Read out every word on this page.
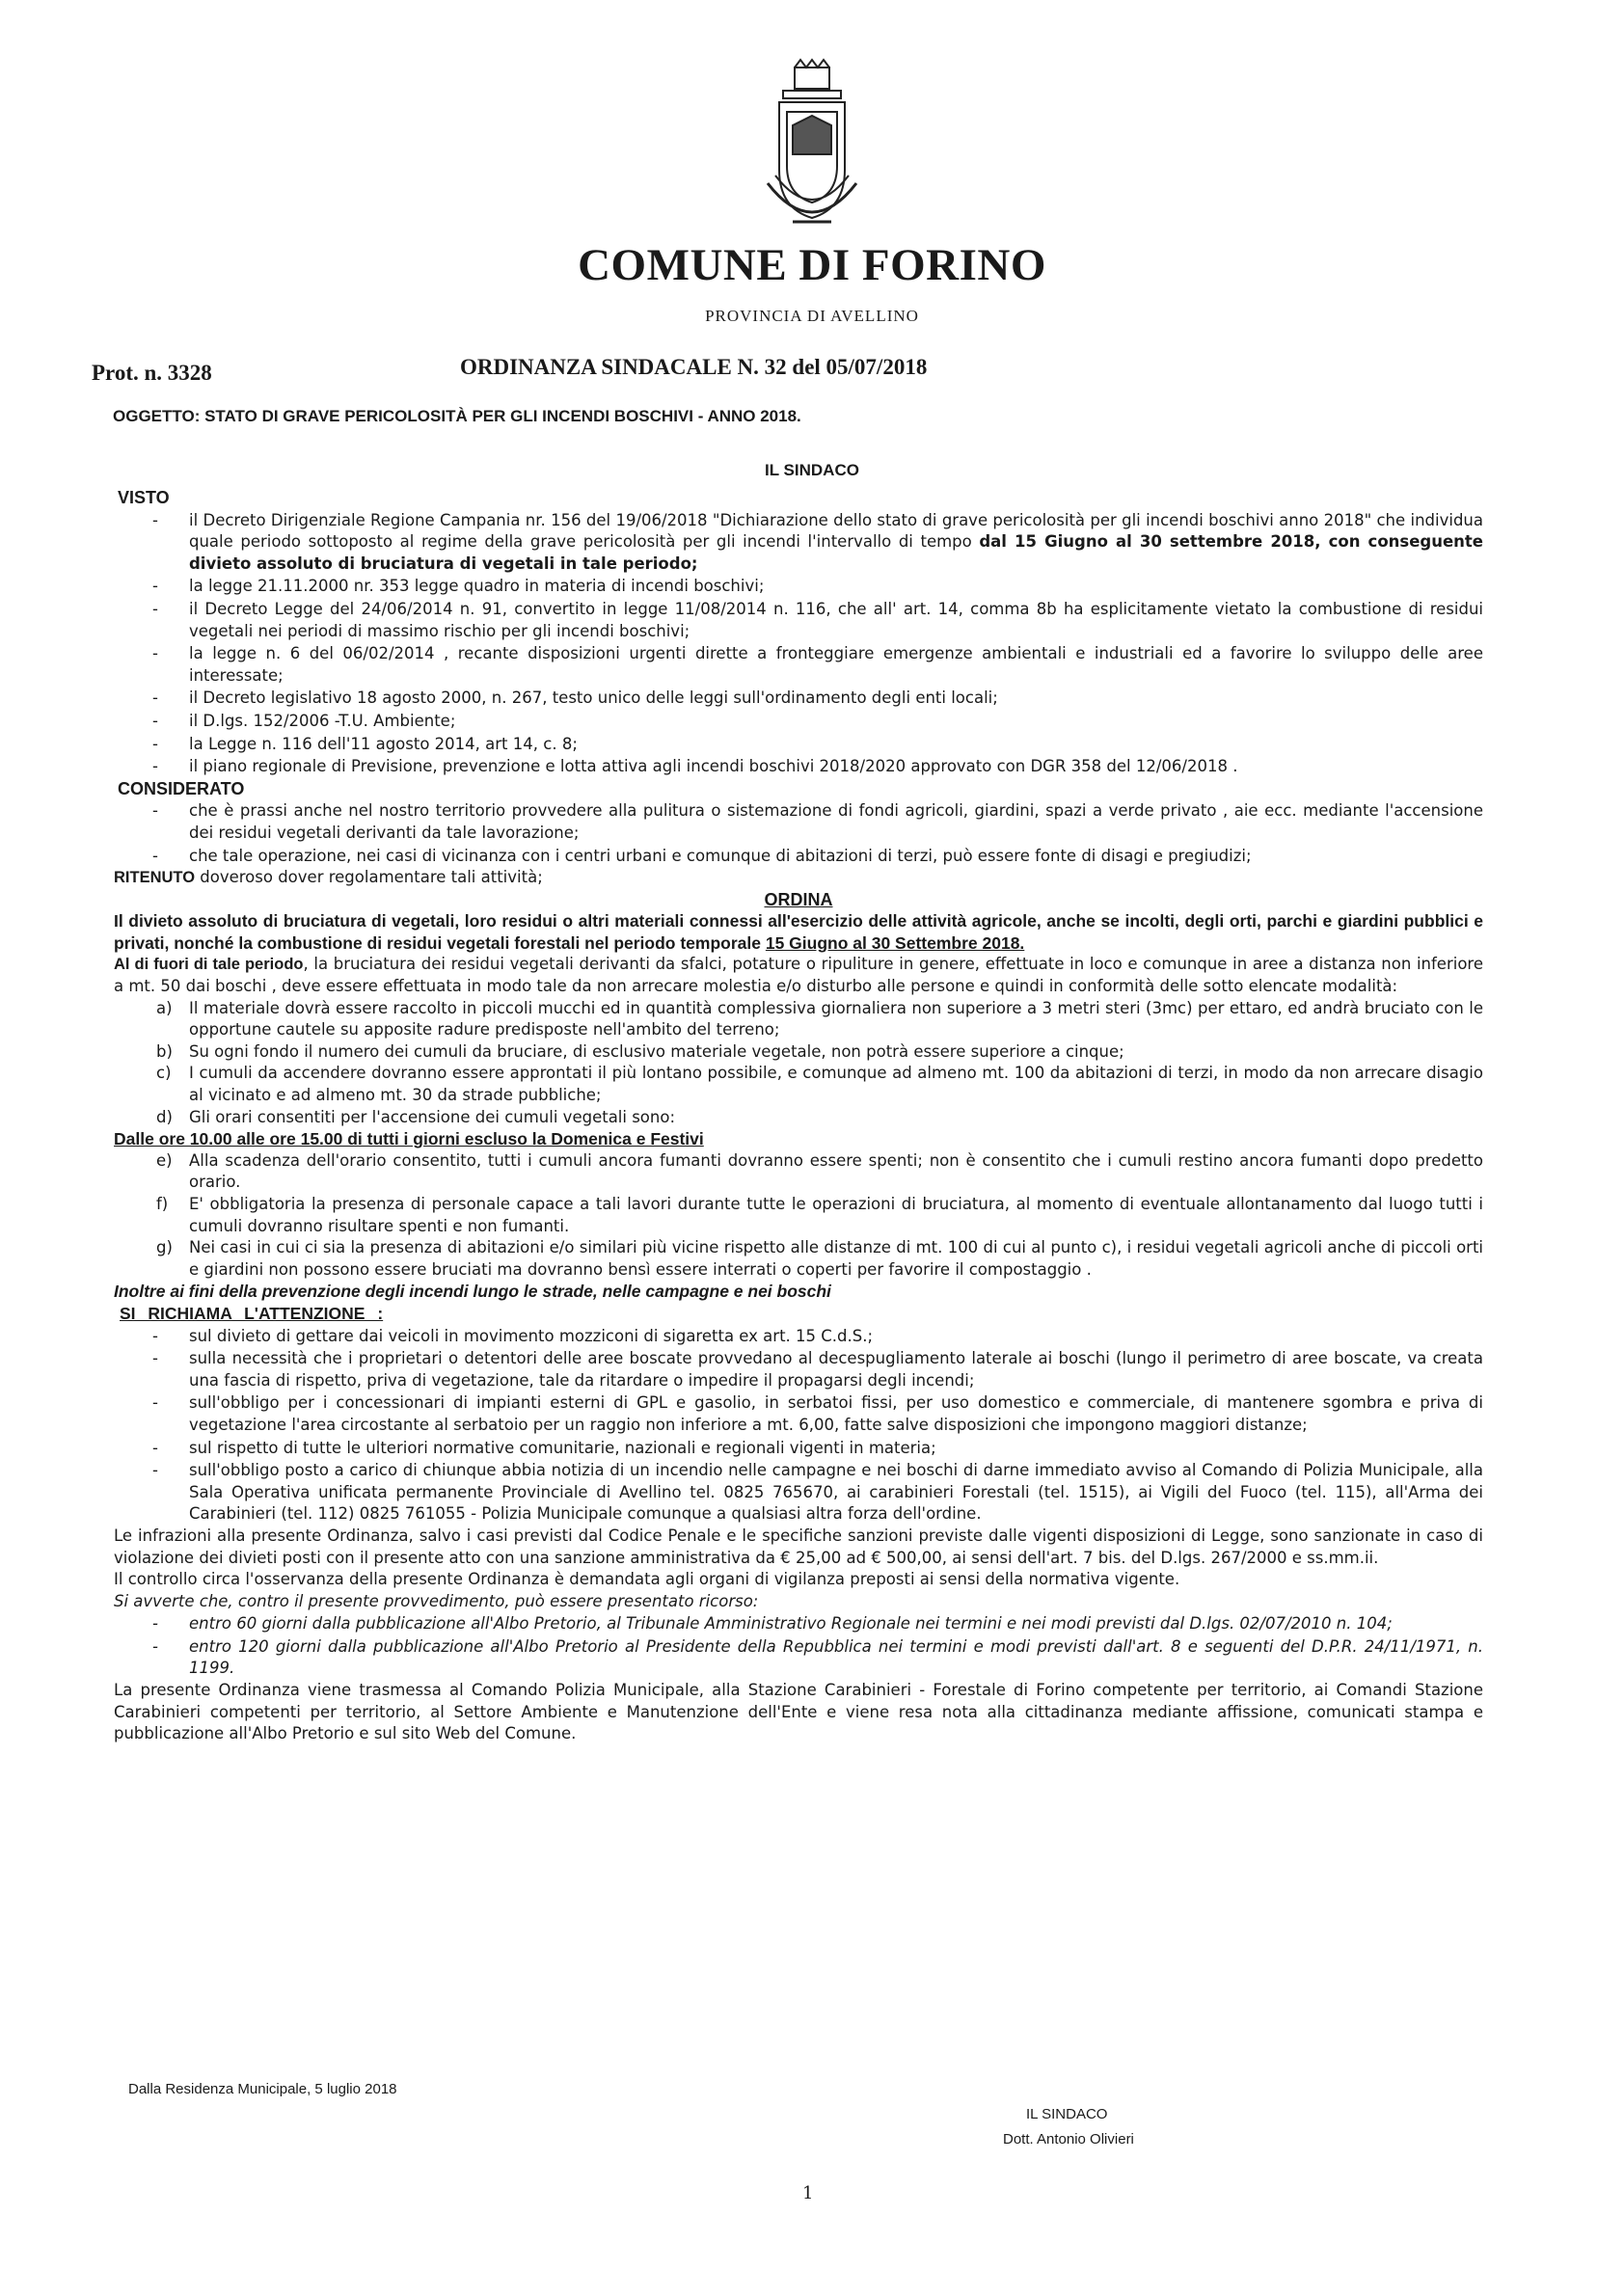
COMUNE DI FORINO
PROVINCIA DI AVELLINO
Prot. n. 3328	ORDINANZA SINDACALE N. 32 del 05/07/2018
OGGETTO: STATO DI GRAVE PERICOLOSITÀ PER GLI INCENDI BOSCHIVI - ANNO 2018.
IL SINDACO
VISTO
- il Decreto Dirigenziale Regione Campania nr. 156 del 19/06/2018 "Dichiarazione dello stato di grave pericolosità per gli incendi boschivi anno 2018" che individua quale periodo sottoposto al regime della grave pericolosità per gli incendi l'intervallo di tempo dal 15 Giugno al 30 settembre 2018, con conseguente divieto assoluto di bruciatura di vegetali in tale periodo;
- la legge 21.11.2000 nr. 353 legge quadro in materia di incendi boschivi;
- il Decreto Legge del 24/06/2014 n. 91, convertito in legge 11/08/2014 n. 116, che all' art. 14, comma 8b ha esplicitamente vietato la combustione di residui vegetali nei periodi di massimo rischio per gli incendi boschivi;
- la legge n. 6 del 06/02/2014 , recante disposizioni urgenti dirette a fronteggiare emergenze ambientali e industriali ed a favorire lo sviluppo delle aree interessate;
- il Decreto legislativo 18 agosto 2000, n. 267, testo unico delle leggi sull'ordinamento degli enti locali;
- il D.lgs. 152/2006 -T.U. Ambiente;
- la Legge n. 116 dell'11 agosto 2014, art 14, c. 8;
- il piano regionale di Previsione, prevenzione e lotta attiva agli incendi boschivi 2018/2020 approvato con DGR 358 del 12/06/2018 .
CONSIDERATO
- che è prassi anche nel nostro territorio provvedere alla pulitura o sistemazione di fondi agricoli, giardini, spazi a verde privato , aie ecc. mediante l'accensione dei residui vegetali derivanti da tale lavorazione;
- che tale operazione, nei casi di vicinanza con i centri urbani e comunque di abitazioni di terzi, può essere fonte di disagi e pregiudizi;
RITENUTO doveroso dover regolamentare tali attività;
ORDINA
Il divieto assoluto di bruciatura di vegetali, loro residui o altri materiali connessi all'esercizio delle attività agricole, anche se incolti, degli orti, parchi e giardini pubblici e privati, nonché la combustione di residui vegetali forestali nel periodo temporale 15 Giugno al 30 Settembre 2018.
Al di fuori di tale periodo, la bruciatura dei residui vegetali derivanti da sfalci, potature o ripuliture in genere, effettuate in loco e comunque in aree a distanza non inferiore a mt. 50 dai boschi , deve essere effettuata in modo tale da non arrecare molestia e/o disturbo alle persone e quindi in conformità delle sotto elencate modalità:
a) Il materiale dovrà essere raccolto in piccoli mucchi ed in quantità complessiva giornaliera non superiore a 3 metri steri (3mc) per ettaro, ed andrà bruciato con le opportune cautele su apposite radure predisposte nell'ambito del terreno;
b) Su ogni fondo il numero dei cumuli da bruciare, di esclusivo materiale vegetale, non potrà essere superiore a cinque;
c) I cumuli da accendere dovranno essere approntati il più lontano possibile, e comunque ad almeno mt. 100 da abitazioni di terzi, in modo da non arrecare disagio al vicinato e ad almeno mt. 30 da strade pubbliche;
d) Gli orari consentiti per l'accensione dei cumuli vegetali sono:
Dalle ore 10.00 alle ore 15.00 di tutti i giorni escluso la Domenica e Festivi
e) Alla scadenza dell'orario consentito, tutti i cumuli ancora fumanti dovranno essere spenti; non è consentito che i cumuli restino ancora fumanti dopo predetto orario.
f) E' obbligatoria la presenza di personale capace a tali lavori durante tutte le operazioni di bruciatura, al momento di eventuale allontanamento dal luogo tutti i cumuli dovranno risultare spenti e non fumanti.
g) Nei casi in cui ci sia la presenza di abitazioni e/o similari più vicine rispetto alle distanze di mt. 100 di cui al punto c), i residui vegetali agricoli anche di piccoli orti e giardini non possono essere bruciati ma dovranno bensì essere interrati o coperti per favorire il compostaggio .
Inoltre ai fini della prevenzione degli incendi lungo le strade, nelle campagne e nei boschi
SI RICHIAMA L'ATTENZIONE :
- sul divieto di gettare dai veicoli in movimento mozziconi di sigaretta ex art. 15 C.d.S.;
- sulla necessità che i proprietari o detentori delle aree boscate provvedano al decespugliamento laterale ai boschi (lungo il perimetro di aree boscate, va creata una fascia di rispetto, priva di vegetazione, tale da ritardare o impedire il propagarsi degli incendi;
- sull'obbligo per i concessionari di impianti esterni di GPL e gasolio, in serbatoi fissi, per uso domestico e commerciale, di mantenere sgombra e priva di vegetazione l'area circostante al serbatoio per un raggio non inferiore a mt. 6,00, fatte salve disposizioni che impongono maggiori distanze;
- sul rispetto di tutte le ulteriori normative comunitarie, nazionali e regionali vigenti in materia;
- sull'obbligo posto a carico di chiunque abbia notizia di un incendio nelle campagne e nei boschi di darne immediato avviso al Comando di Polizia Municipale, alla Sala Operativa unificata permanente Provinciale di Avellino tel. 0825 765670, ai carabinieri Forestali (tel. 1515), ai Vigili del Fuoco (tel. 115), all'Arma dei Carabinieri (tel. 112) 0825 761055 - Polizia Municipale comunque a qualsiasi altra forza dell'ordine.
Le infrazioni alla presente Ordinanza, salvo i casi previsti dal Codice Penale e le specifiche sanzioni previste dalle vigenti disposizioni di Legge, sono sanzionate in caso di violazione dei divieti posti con il presente atto con una sanzione amministrativa da € 25,00 ad € 500,00, ai sensi dell'art. 7 bis. del D.lgs. 267/2000 e ss.mm.ii.
Il controllo circa l'osservanza della presente Ordinanza è demandata agli organi di vigilanza preposti ai sensi della normativa vigente.
Si avverte che, contro il presente provvedimento, può essere presentato ricorso:
- entro 60 giorni dalla pubblicazione all'Albo Pretorio, al Tribunale Amministrativo Regionale nei termini e nei modi previsti dal D.lgs. 02/07/2010 n. 104;
- entro 120 giorni dalla pubblicazione all'Albo Pretorio al Presidente della Repubblica nei termini e modi previsti dall'art. 8 e seguenti del D.P.R. 24/11/1971, n. 1199.
La presente Ordinanza viene trasmessa al Comando Polizia Municipale, alla Stazione Carabinieri - Forestale di Forino competente per territorio, ai Comandi Stazione Carabinieri competenti per territorio, al Settore Ambiente e Manutenzione dell'Ente e viene resa nota alla cittadinanza mediante affissione, comunicati stampa e pubblicazione all'Albo Pretorio e sul sito Web del Comune.
Dalla Residenza Municipale, 5 luglio 2018
IL SINDACO
Dott. Antonio Olivieri
1
